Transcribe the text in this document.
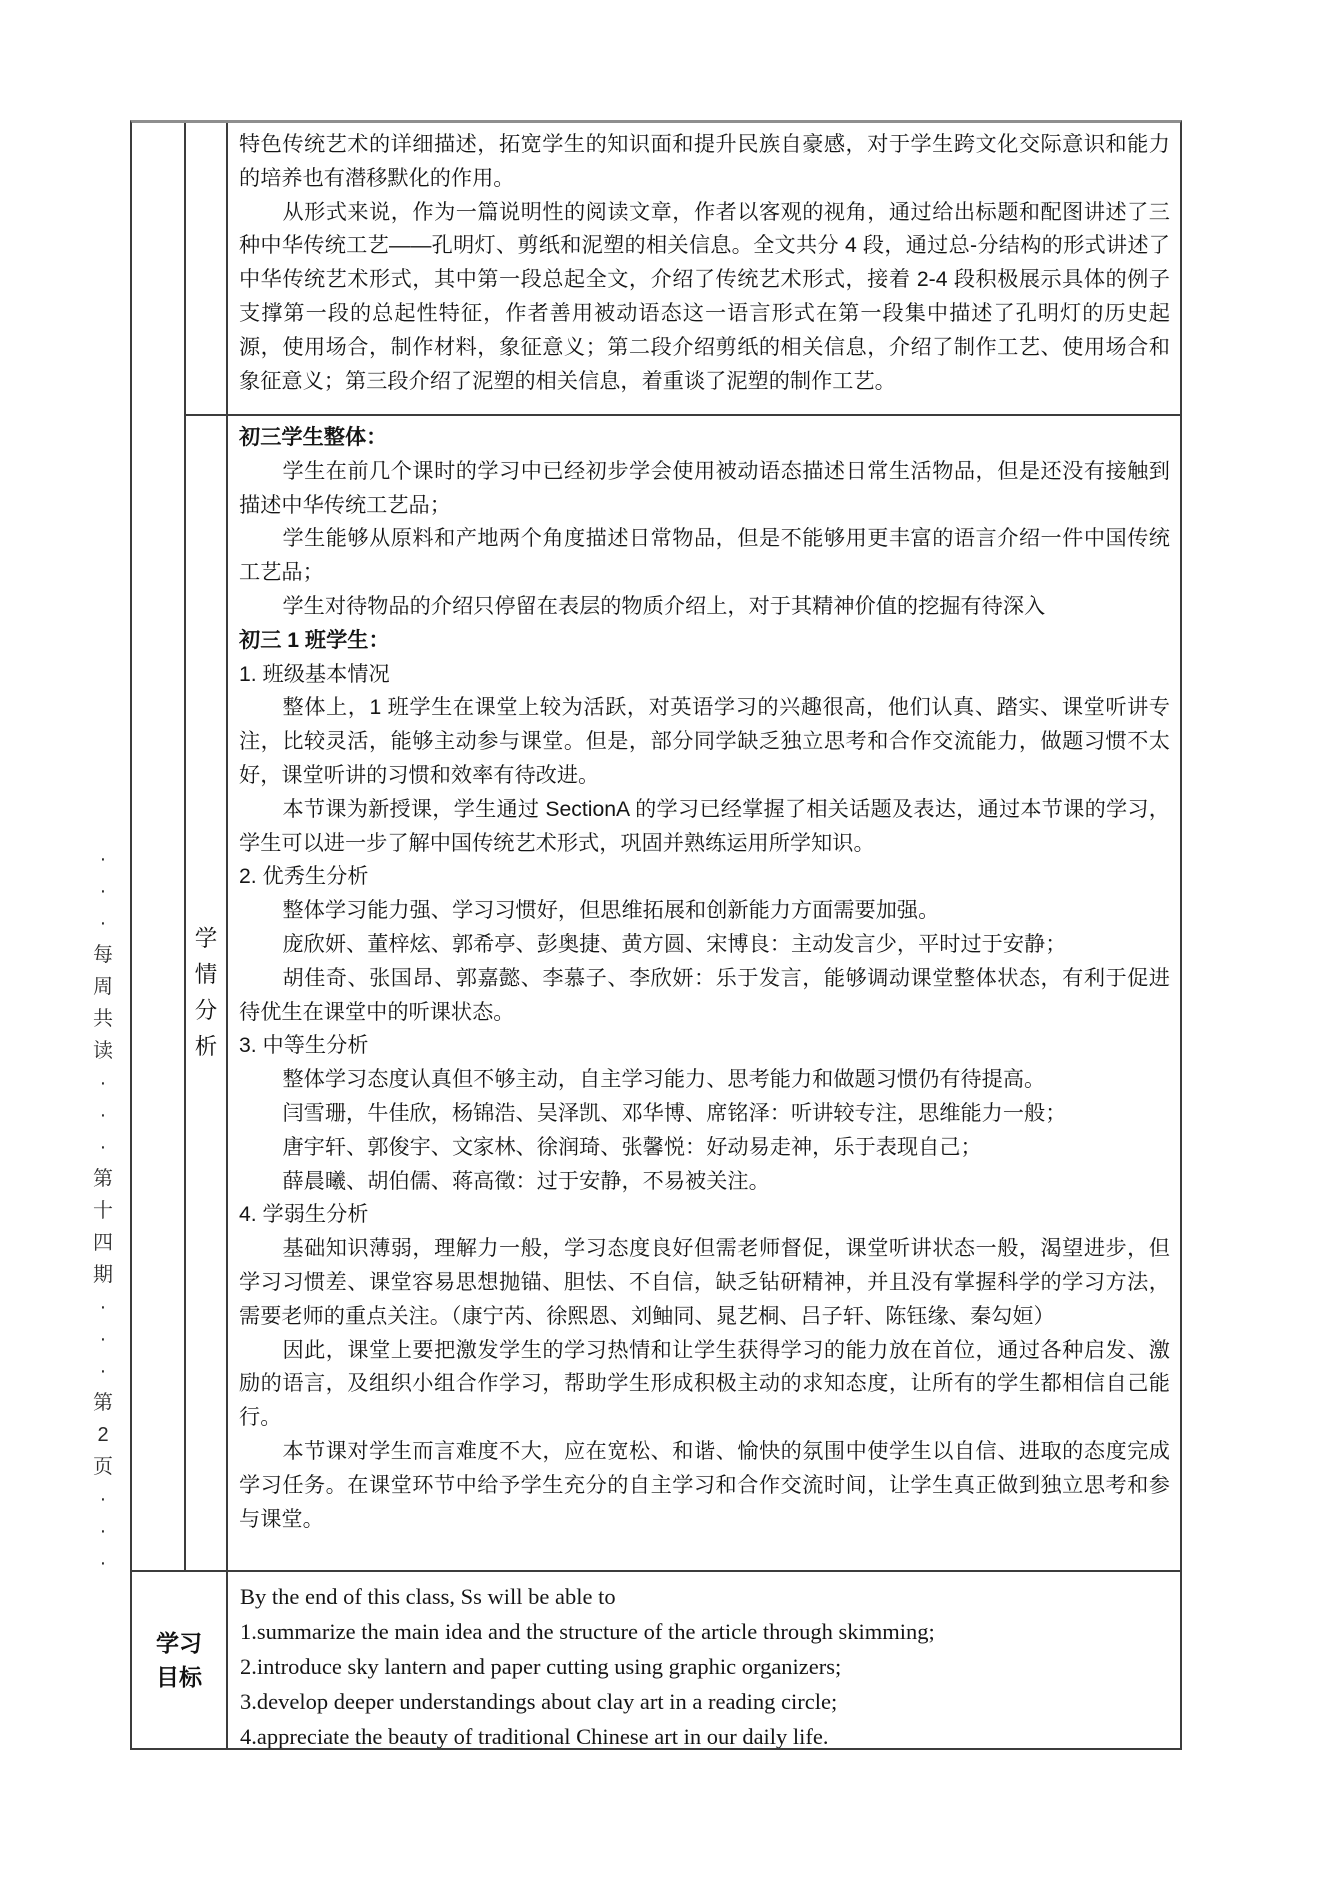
·
·
·
每
周
共
读
·
·
·
第
十
四
期
·
·
·
第
2
页
·
·
·

特色传统艺术的详细描述，拓宽学生的知识面和提升民族自豪感，对于学生跨文化交际意识和能力的培养也有潜移默化的作用。

从形式来说，作为一篇说明性的阅读文章，作者以客观的视角，通过给出标题和配图讲述了三种中华传统工艺——孔明灯、剪纸和泥塑的相关信息。全文共分 4 段，通过总-分结构的形式讲述了中华传统艺术形式，其中第一段总起全文，介绍了传统艺术形式，接着 2-4 段积极展示具体的例子支撑第一段的总起性特征，作者善用被动语态这一语言形式在第一段集中描述了孔明灯的历史起源，使用场合，制作材料，象征意义；第二段介绍剪纸的相关信息，介绍了制作工艺、使用场合和象征意义；第三段介绍了泥塑的相关信息，着重谈了泥塑的制作工艺。

学
情
分
析

初三学生整体：

学生在前几个课时的学习中已经初步学会使用被动语态描述日常生活物品，但是还没有接触到描述中华传统工艺品；

学生能够从原料和产地两个角度描述日常物品，但是不能够用更丰富的语言介绍一件中国传统工艺品；

学生对待物品的介绍只停留在表层的物质介绍上，对于其精神价值的挖掘有待深入

初三 1 班学生：

1. 班级基本情况

整体上，1 班学生在课堂上较为活跃，对英语学习的兴趣很高，他们认真、踏实、课堂听讲专注，比较灵活，能够主动参与课堂。但是，部分同学缺乏独立思考和合作交流能力，做题习惯不太好，课堂听讲的习惯和效率有待改进。

本节课为新授课，学生通过 SectionA 的学习已经掌握了相关话题及表达，通过本节课的学习，学生可以进一步了解中国传统艺术形式，巩固并熟练运用所学知识。

2. 优秀生分析

整体学习能力强、学习习惯好，但思维拓展和创新能力方面需要加强。

庞欣妍、董梓炫、郭希亭、彭奥捷、黄方圆、宋博良：主动发言少，平时过于安静；

胡佳奇、张国昂、郭嘉懿、李慕子、李欣妍：乐于发言，能够调动课堂整体状态，有利于促进待优生在课堂中的听课状态。

3. 中等生分析

整体学习态度认真但不够主动，自主学习能力、思考能力和做题习惯仍有待提高。

闫雪珊，牛佳欣，杨锦浩、吴泽凯、邓华博、席铭泽：听讲较专注，思维能力一般；

唐宇轩、郭俊宇、文家林、徐润琦、张馨悦：好动易走神，乐于表现自己；

薛晨曦、胡伯儒、蒋高徵：过于安静，不易被关注。

4. 学弱生分析

基础知识薄弱，理解力一般，学习态度良好但需老师督促，课堂听讲状态一般，渴望进步，但学习习惯差、课堂容易思想抛锚、胆怯、不自信，缺乏钻研精神，并且没有掌握科学的学习方法，需要老师的重点关注。（康宁芮、徐熙恩、刘鲉同、晁艺桐、吕子轩、陈钰缘、秦勾姮）

因此，课堂上要把激发学生的学习热情和让学生获得学习的能力放在首位，通过各种启发、激励的语言，及组织小组合作学习，帮助学生形成积极主动的求知态度，让所有的学生都相信自己能行。

本节课对学生而言难度不大，应在宽松、和谐、愉快的氛围中使学生以自信、进取的态度完成学习任务。在课堂环节中给予学生充分的自主学习和合作交流时间，让学生真正做到独立思考和参与课堂。

学习
目标

By the end of this class, Ss will be able to

1.summarize the main idea and the structure of the article through skimming;

2.introduce sky lantern and paper cutting using graphic organizers;

3.develop deeper understandings about clay art in a reading circle;

4.appreciate the beauty of traditional Chinese art in our daily life.
